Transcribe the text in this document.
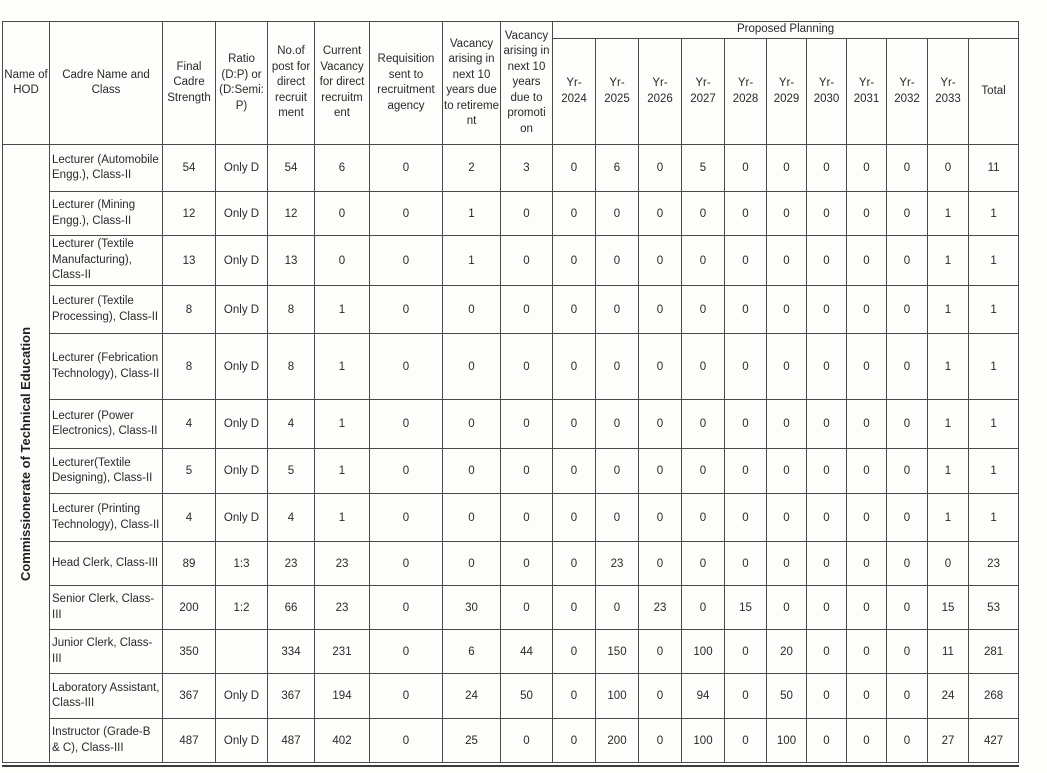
Name of HOD	Cadre Name and Class	Final Cadre Strength	Ratio (D:P) or (D:Semi: P)	No.of post for direct recruit ment	Current Vacancy for direct recruitm ent	Requisition sent to recruitment agency	Vacancy arising in next 10 years due to retireme nt	Vacancy arising in next 10 years due to promoti on	Proposed Planning										
									Yr- 2024	Yr- 2025	Yr- 2026	Yr- 2027	Yr- 2028	Yr- 2029	Yr- 2030	Yr- 2031	Yr- 2032	Yr- 2033	Total

Commissionerate of Technical Education	Lecturer (Automobile Engg.), Class-II	54	Only D	54	6	0	2	3	0	6	0	5	0	0	0	0	0	0	11
	Lecturer (Mining Engg.), Class-II	12	Only D	12	0	0	1	0	0	0	0	0	0	0	0	0	0	1	1
	Lecturer (Textile Manufacturing), Class-II	13	Only D	13	0	0	1	0	0	0	0	0	0	0	0	0	0	1	1
	Lecturer (Textile Processing), Class-II	8	Only D	8	1	0	0	0	0	0	0	0	0	0	0	0	0	1	1
	Lecturer (Febrication Technology), Class-II	8	Only D	8	1	0	0	0	0	0	0	0	0	0	0	0	0	1	1
	Lecturer (Power Electronics), Class-II	4	Only D	4	1	0	0	0	0	0	0	0	0	0	0	0	0	1	1
	Lecturer(Textile Designing), Class-II	5	Only D	5	1	0	0	0	0	0	0	0	0	0	0	0	0	1	1
	Lecturer (Printing Technology), Class-II	4	Only D	4	1	0	0	0	0	0	0	0	0	0	0	0	0	1	1
	Head Clerk, Class-III	89	1:3	23	23	0	0	0	0	23	0	0	0	0	0	0	0	0	23
	Senior Clerk, Class-III	200	1:2	66	23	0	30	0	0	0	23	0	15	0	0	0	0	15	53
	Junior Clerk, Class-III	350		334	231	0	6	44	0	150	0	100	0	20	0	0	0	11	281
	Laboratory Assistant, Class-III	367	Only D	367	194	0	24	50	0	100	0	94	0	50	0	0	0	24	268
	Instructor (Grade-B & C), Class-III	487	Only D	487	402	0	25	0	0	200	0	100	0	100	0	0	0	27	427
